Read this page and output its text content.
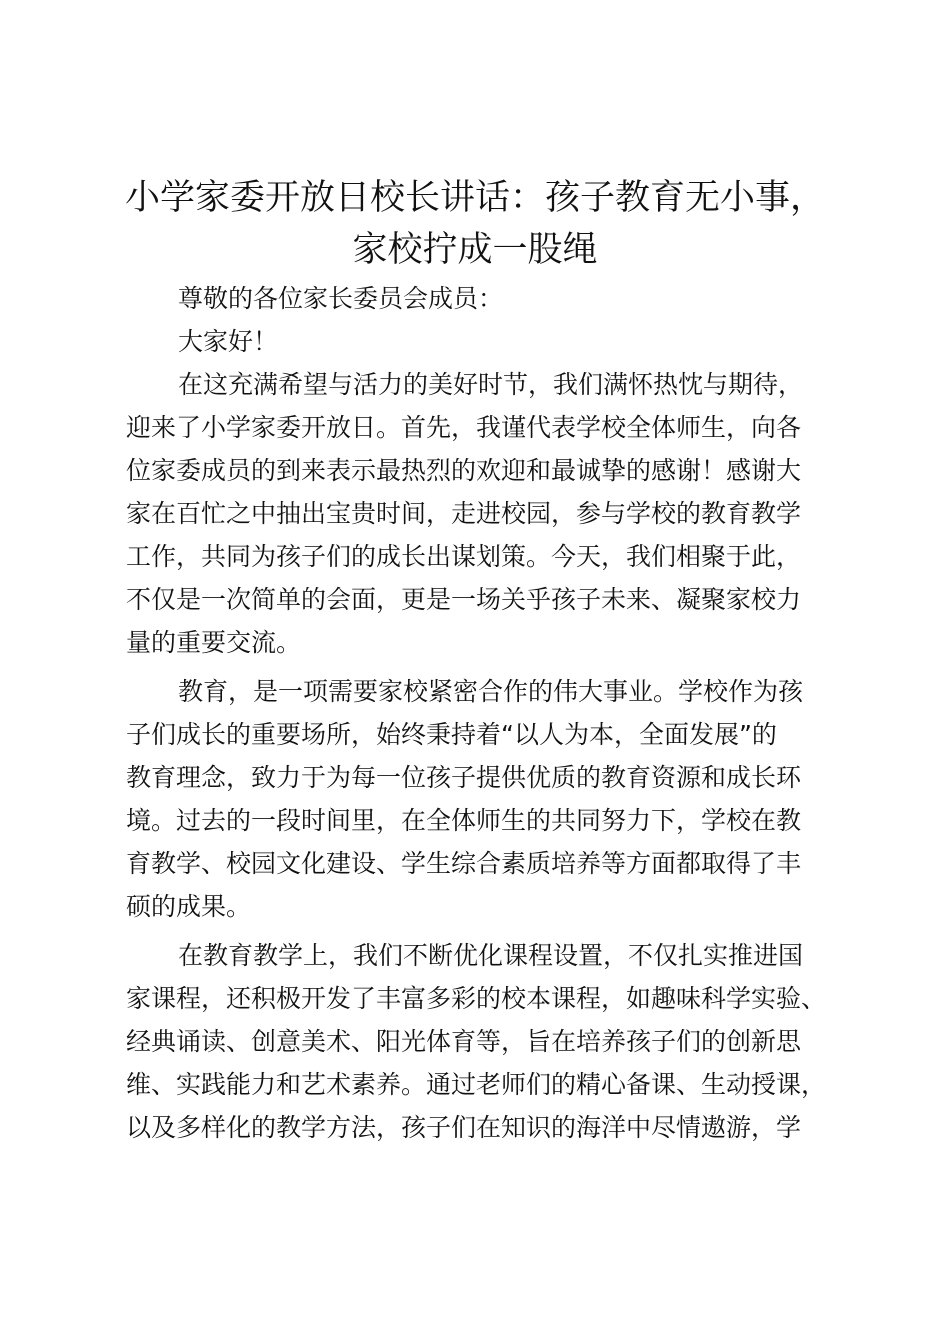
小学家委开放日校长讲话：孩子教育无小事，
家校拧成一股绳

尊敬的各位家长委员会成员：

大家好！

在这充满希望与活力的美好时节，我们满怀热忱与期待，
迎来了小学家委开放日。首先，我谨代表学校全体师生，向各
位家委成员的到来表示最热烈的欢迎和最诚挚的感谢！感谢大
家在百忙之中抽出宝贵时间，走进校园，参与学校的教育教学
工作，共同为孩子们的成长出谋划策。今天，我们相聚于此，
不仅是一次简单的会面，更是一场关乎孩子未来、凝聚家校力
量的重要交流。

教育，是一项需要家校紧密合作的伟大事业。学校作为孩
子们成长的重要场所，始终秉持着“以人为本，全面发展”的
教育理念，致力于为每一位孩子提供优质的教育资源和成长环
境。过去的一段时间里，在全体师生的共同努力下，学校在教
育教学、校园文化建设、学生综合素质培养等方面都取得了丰
硕的成果。

在教育教学上，我们不断优化课程设置，不仅扎实推进国
家课程，还积极开发了丰富多彩的校本课程，如趣味科学实验、
经典诵读、创意美术、阳光体育等，旨在培养孩子们的创新思
维、实践能力和艺术素养。通过老师们的精心备课、生动授课，
以及多样化的教学方法，孩子们在知识的海洋中尽情遨游，学
